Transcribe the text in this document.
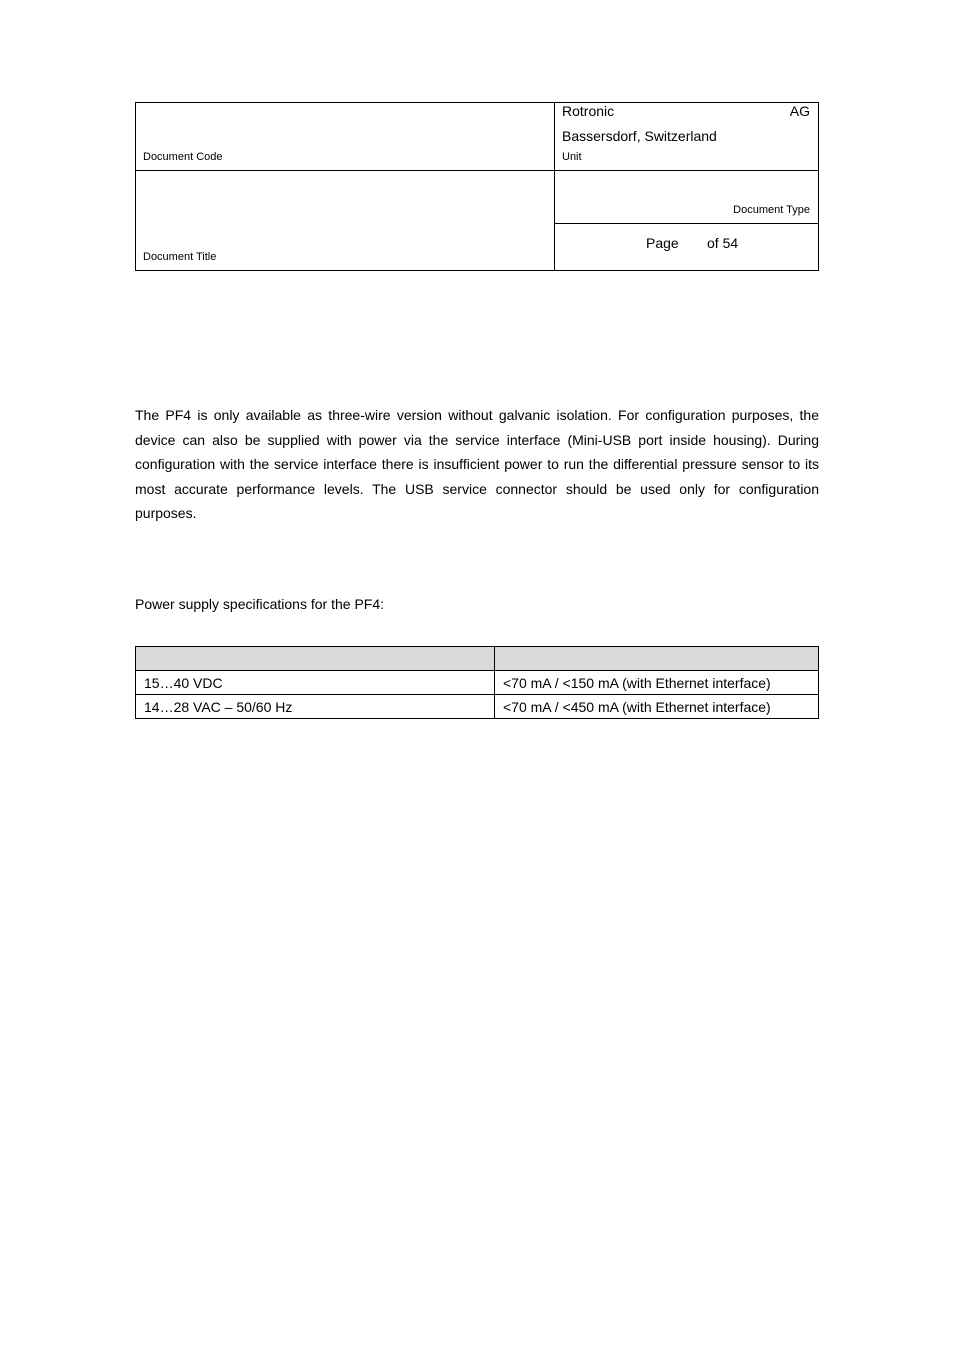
Document Code
Rotronic	AG
Bassersdorf, Switzerland
Unit
Document Type
Page of 54
Document Title
The PF4 is only available as three-wire version without galvanic isolation. For configuration purposes, the device can also be supplied with power via the service interface (Mini-USB port inside housing). During configuration with the service interface there is insufficient power to run the differential pressure sensor to its most accurate performance levels. The USB service connector should be used only for configuration purposes.
Power supply specifications for the PF4:

15…40 VDC	<70 mA / <150 mA (with Ethernet interface)
14…28 VAC – 50/60 Hz	<70 mA / <450 mA (with Ethernet interface)
